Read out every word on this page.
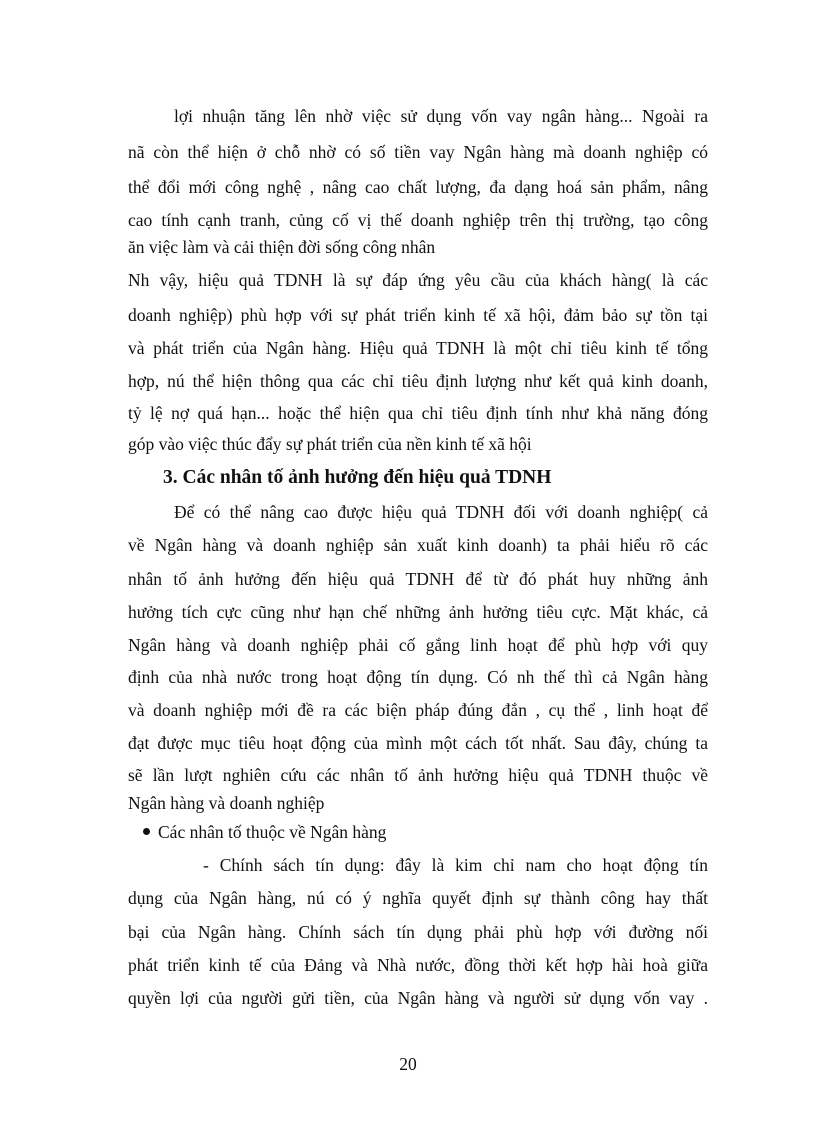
lợi nhuận tăng lên nhờ việc sử dụng vốn vay ngân hàng... Ngoài ra
nã còn thể hiện ở chỗ nhờ có số tiền vay Ngân hàng mà doanh nghiệp có
thể đổi mới công nghệ , nâng cao chất lượng, đa dạng hoá sản phẩm, nâng
cao tính cạnh tranh, củng cố vị thế doanh nghiệp trên thị trường, tạo công
ăn việc làm và cải thiện đời sống công nhân
Nh vậy, hiệu quả TDNH là sự đáp ứng yêu cầu của khách hàng( là các
doanh nghiệp) phù hợp với sự phát triển kinh tế xã hội, đảm bảo sự tồn tại
và phát triển của Ngân hàng. Hiệu quả TDNH là một chỉ tiêu kinh tế tổng
hợp, nú thể hiện thông qua các chỉ tiêu định lượng như kết quả kinh doanh,
tỷ lệ nợ quá hạn... hoặc thể hiện qua chỉ tiêu định tính như khả năng đóng
góp vào việc thúc đẩy sự phát triển của nền kinh tế xã hội
3. Các nhân tố ảnh hưởng đến hiệu quả TDNH
Để có thể nâng cao được hiệu quả TDNH đối với doanh nghiệp( cả
về Ngân hàng và doanh nghiệp sản xuất kinh doanh) ta phải hiểu rõ các
nhân tố ảnh hưởng đến hiệu quả TDNH để từ đó phát huy những ảnh
hưởng tích cực cũng như hạn chế những ảnh hưởng tiêu cực. Mặt khác, cả
Ngân hàng và doanh nghiệp phải cố gắng linh hoạt để phù hợp với quy
định của nhà nước trong hoạt động tín dụng. Có nh thế thì cả Ngân hàng
và doanh nghiệp mới đề ra các biện pháp đúng đắn , cụ thể , linh hoạt để
đạt được mục tiêu hoạt động của mình một cách tốt nhất. Sau đây, chúng ta
sẽ lần lượt nghiên cứu các nhân tố ảnh hưởng hiệu quả TDNH thuộc về
Ngân hàng và doanh nghiệp
Các nhân tố thuộc về Ngân hàng
- Chính sách tín dụng: đây là kim chỉ nam cho hoạt động tín
dụng của Ngân hàng, nú có ý nghĩa quyết định sự thành công hay thất
bại của Ngân hàng. Chính sách tín dụng phải phù hợp với đường nối
phát triển kinh tế của Đảng và Nhà nước, đồng thời kết hợp hài hoà giữa
quyền lợi của người gửi tiền, của Ngân hàng và người sử dụng vốn vay .
20
